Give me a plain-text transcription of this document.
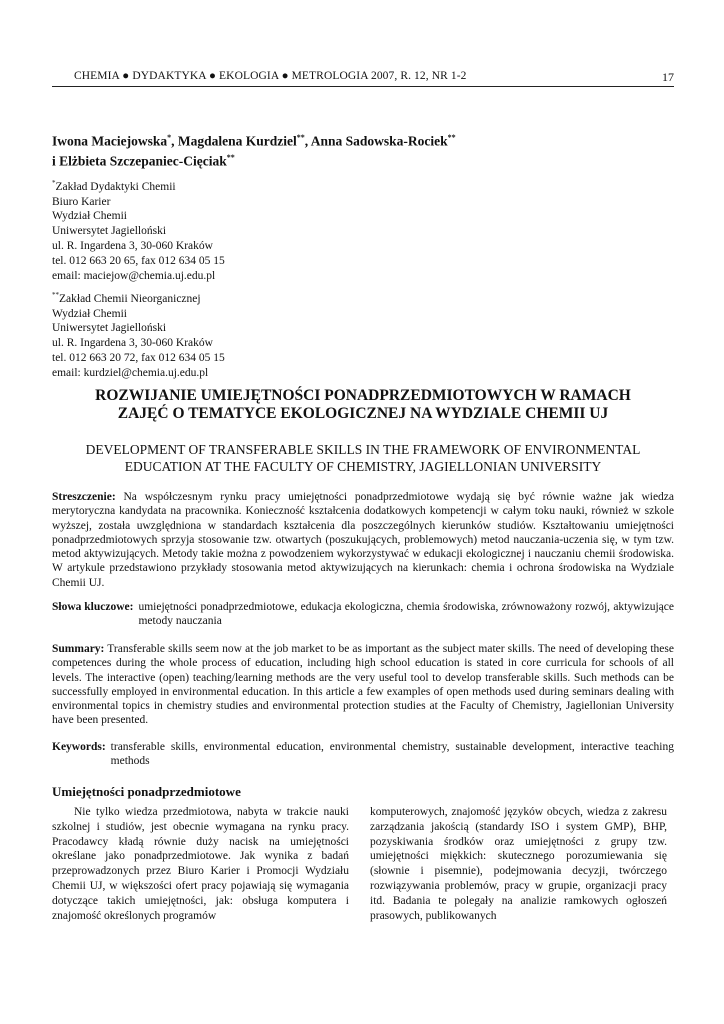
CHEMIA ● DYDAKTYKA ● EKOLOGIA ● METROLOGIA 2007, R. 12, NR 1-2	17
Iwona Maciejowska*, Magdalena Kurdziel**, Anna Sadowska-Rociek**
i Elżbieta Szczepaniec-Cięciak**
*Zakład Dydaktyki Chemii
Biuro Karier
Wydział Chemii
Uniwersytet Jagielloński
ul. R. Ingardena 3, 30-060 Kraków
tel. 012 663 20 65, fax 012 634 05 15
email: maciejow@chemia.uj.edu.pl
**Zakład Chemii Nieorganicznej
Wydział Chemii
Uniwersytet Jagielloński
ul. R. Ingardena 3, 30-060 Kraków
tel. 012 663 20 72, fax 012 634 05 15
email: kurdziel@chemia.uj.edu.pl
ROZWIJANIE UMIEJĘTNOŚCI PONADPRZEDMIOTOWYCH W RAMACH
ZAJĘĆ O TEMATYCE EKOLOGICZNEJ NA WYDZIALE CHEMII UJ
DEVELOPMENT OF TRANSFERABLE SKILLS IN THE FRAMEWORK OF ENVIRONMENTAL
EDUCATION AT THE FACULTY OF CHEMISTRY, JAGIELLONIAN UNIVERSITY
Streszczenie: Na współczesnym rynku pracy umiejętności ponadprzedmiotowe wydają się być równie ważne jak wiedza merytoryczna kandydata na pracownika. Konieczność kształcenia dodatkowych kompetencji w całym toku nauki, również w szkole wyższej, została uwzględniona w standardach kształcenia dla poszczególnych kierunków studiów. Kształtowaniu umiejętności ponadprzedmiotowych sprzyja stosowanie tzw. otwartych (poszukujących, problemowych) metod nauczania-uczenia się, w tym tzw. metod aktywizujących. Metody takie można z powodzeniem wykorzystywać w edukacji ekologicznej i nauczaniu chemii środowiska. W artykule przedstawiono przykłady stosowania metod aktywizujących na kierunkach: chemia i ochrona środowiska na Wydziale Chemii UJ.
Słowa kluczowe: umiejętności ponadprzedmiotowe, edukacja ekologiczna, chemia środowiska, zrównoważony rozwój, aktywizujące metody nauczania
Summary: Transferable skills seem now at the job market to be as important as the subject mater skills. The need of developing these competences during the whole process of education, including high school education is stated in core curricula for schools of all levels. The interactive (open) teaching/learning methods are the very useful tool to develop transferable skills. Such methods can be successfully employed in environmental education. In this article a few examples of open methods used during seminars dealing with environmental topics in chemistry studies and environmental protection studies at the Faculty of Chemistry, Jagiellonian University have been presented.
Keywords: transferable skills, environmental education, environmental chemistry, sustainable development, interactive teaching methods
Umiejętności ponadprzedmiotowe
Nie tylko wiedza przedmiotowa, nabyta w trakcie nauki szkolnej i studiów, jest obecnie wymagana na rynku pracy. Pracodawcy kładą równie duży nacisk na umiejętności określane jako ponadprzedmiotowe. Jak wynika z badań przeprowadzonych przez Biuro Karier i Promocji Wydziału Chemii UJ, w większości ofert pracy pojawiają się wymagania dotyczące takich umiejętności, jak: obsługa komputera i znajomość określonych programów
komputerowych, znajomość języków obcych, wiedza z zakresu zarządzania jakością (standardy ISO i system GMP), BHP, pozyskiwania środków oraz umiejętności z grupy tzw. umiejętności miękkich: skutecznego porozumiewania się (słownie i pisemnie), podejmowania decyzji, twórczego rozwiązywania problemów, pracy w grupie, organizacji pracy itd. Badania te polegały na analizie ramkowych ogłoszeń prasowych, publikowanych
